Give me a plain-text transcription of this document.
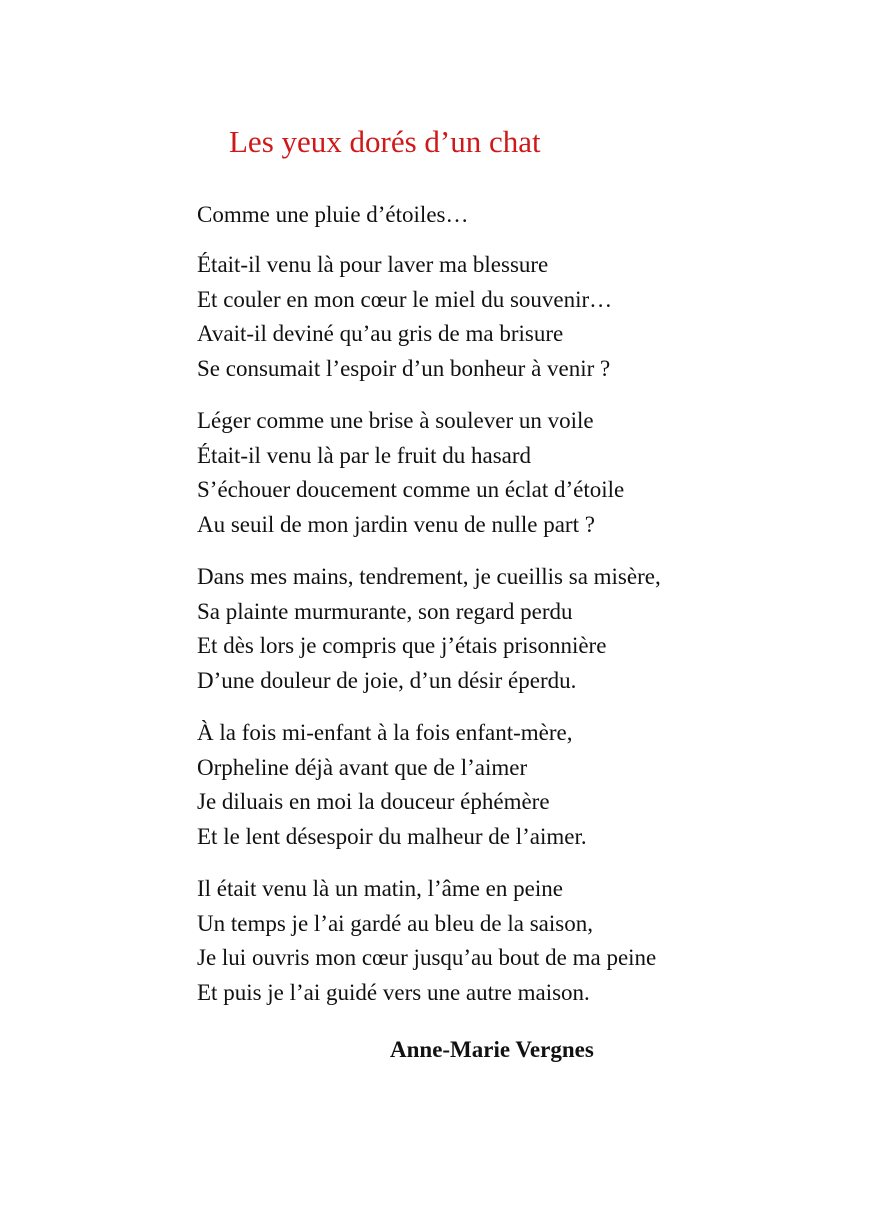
Les yeux dorés d’un chat
Comme une pluie d’étoiles…
Était-il venu là pour laver ma blessure
Et couler en mon cœur le miel du souvenir…
Avait-il deviné qu’au gris de ma brisure
Se consumait l’espoir d’un bonheur à venir ?
Léger comme une brise à soulever un voile
Était-il venu là par le fruit du hasard
S’échouer doucement comme un éclat d’étoile
Au seuil de mon jardin venu de nulle part ?
Dans mes mains, tendrement, je cueillis sa misère,
Sa plainte murmurante, son regard perdu
Et dès lors je compris que j’étais prisonnière
D’une douleur de joie, d’un désir éperdu.
À la fois mi-enfant à la fois enfant-mère,
Orpheline déjà avant que de l’aimer
Je diluais en moi la douceur éphémère
Et le lent désespoir du malheur de l’aimer.
Il était venu là un matin, l’âme en peine
Un temps je l’ai gardé au bleu de la saison,
Je lui ouvris mon cœur jusqu’au bout de ma peine
Et puis je l’ai guidé vers une autre maison.
Anne-Marie Vergnes
